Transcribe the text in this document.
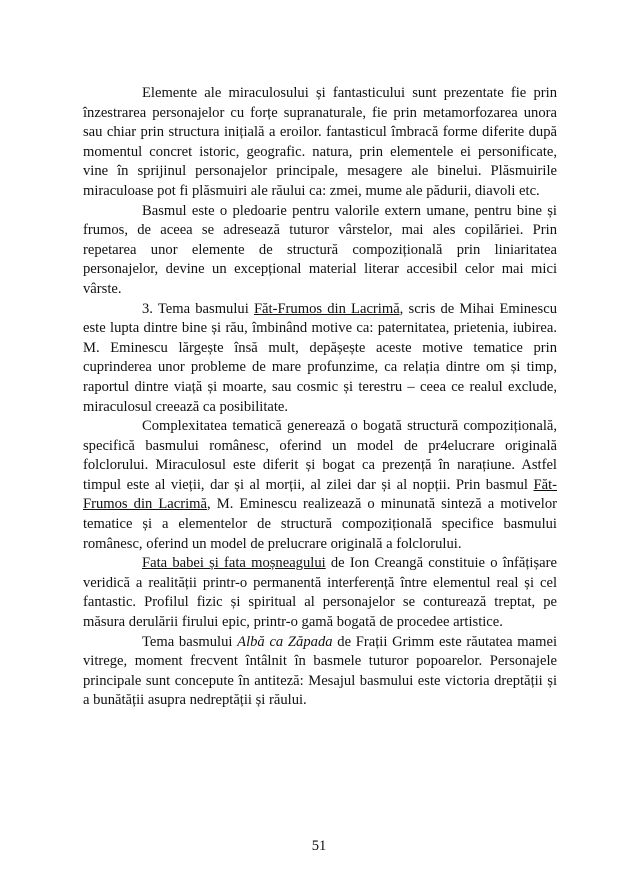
Elemente ale miraculosului și fantasticului sunt prezentate fie prin înzestrarea personajelor cu forțe supranaturale, fie prin metamorfozarea unora sau chiar prin structura inițială a eroilor. fantasticul îmbracă forme diferite după momentul concret istoric, geografic. natura, prin elementele ei personificate, vine în sprijinul personajelor principale, mesagere ale binelui. Plăsmuirile miraculoase pot fi plăsmuiri ale răului ca: zmei, mume ale pădurii, diavoli etc.

Basmul este o pledoarie pentru valorile extern umane, pentru bine și frumos, de aceea se adresează tuturor vârstelor, mai ales copilăriei. Prin repetarea unor elemente de structură compozițională prin liniaritatea personajelor, devine un excepțional material literar accesibil celor mai mici vârste.

3. Tema basmului Făt-Frumos din Lacrimă, scris de Mihai Eminescu este lupta dintre bine și rău, îmbinând motive ca: paternitatea, prietenia, iubirea. M. Eminescu lărgește însă mult, depășește aceste motive tematice prin cuprinderea unor probleme de mare profunzime, ca relația dintre om și timp, raportul dintre viață și moarte, sau cosmic și terestru – ceea ce realul exclude, miraculosul creează ca posibilitate.

Complexitatea tematică generează o bogată structură compozițională, specifică basmului românesc, oferind un model de pr4elucrare originală folclorului. Miraculosul este diferit și bogat ca prezență în narațiune. Astfel timpul este al vieții, dar și al morții, al zilei dar și al nopții. Prin basmul Făt-Frumos din Lacrimă, M. Eminescu realizează o minunată sinteză a motivelor tematice și a elementelor de structură compozițională specifice basmului românesc, oferind un model de prelucrare originală a folclorului.

Fata babei și fata moșneagului de Ion Creangă constituie o înfățișare veridică a realității printr-o permanentă interferență între elementul real și cel fantastic. Profilul fizic și spiritual al personajelor se conturează treptat, pe măsura derulării firului epic, printr-o gamă bogată de procedee artistice.

Tema basmului Albă ca Zăpada de Frații Grimm este răutatea mamei vitrege, moment frecvent întâlnit în basmele tuturor popoarelor. Personajele principale sunt concepute în antiteză: Mesajul basmului este victoria dreptății și a bunătății asupra nedreptății și răului.

51
